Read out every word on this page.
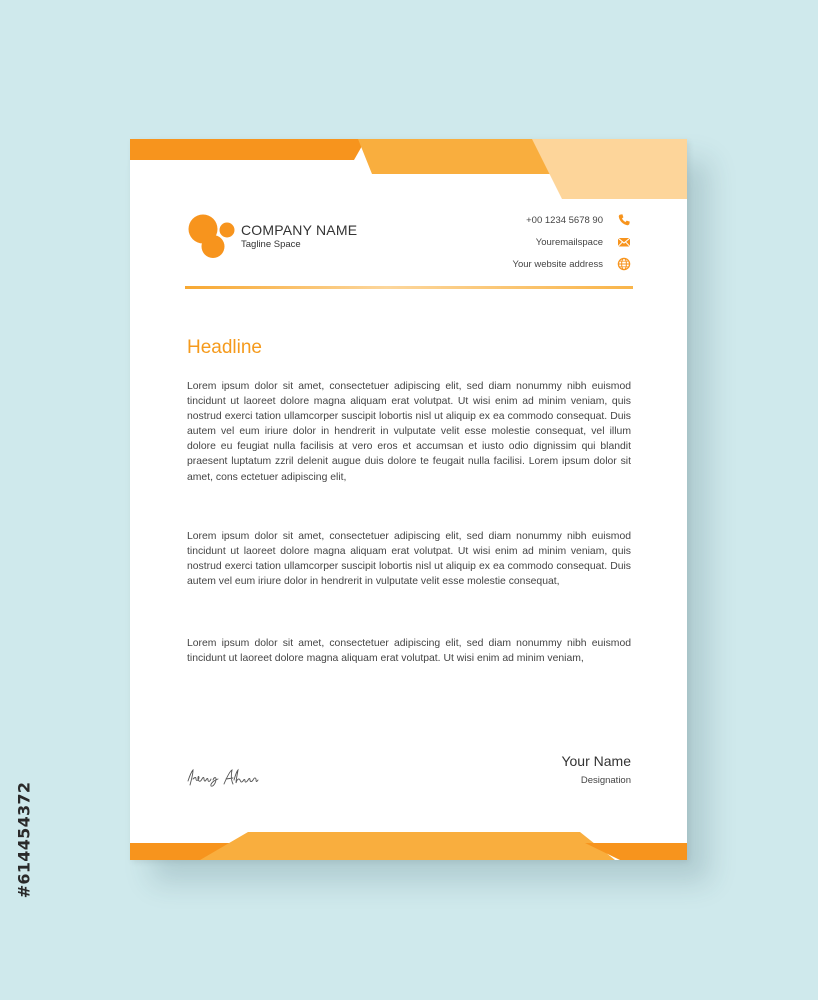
#614454372
COMPANY NAME
Tagline Space
+00 1234 5678 90
Youremailspace
Your website address
Headline

Lorem ipsum dolor sit amet, consectetuer adipiscing elit, sed diam nonummy nibh euismod tincidunt ut laoreet dolore magna aliquam erat volutpat. Ut wisi enim ad minim veniam, quis nostrud exerci tation ullamcorper suscipit lobortis nisl ut aliquip ex ea commodo consequat. Duis autem vel eum iriure dolor in hendrerit in vulputate velit esse molestie consequat, vel illum dolore eu feugiat nulla facilisis at vero eros et accumsan et iusto odio dignissim qui blandit praesent luptatum zzril delenit augue duis dolore te feugait nulla facilisi. Lorem ipsum dolor sit amet, cons ectetuer adipiscing elit,

Lorem ipsum dolor sit amet, consectetuer adipiscing elit, sed diam nonummy nibh euismod tincidunt ut laoreet dolore magna aliquam erat volutpat. Ut wisi enim ad minim veniam, quis nostrud exerci tation ullamcorper suscipit lobortis nisl ut aliquip ex ea commodo consequat. Duis autem vel eum iriure dolor in hendrerit in vulputate velit esse molestie consequat,

Lorem ipsum dolor sit amet, consectetuer adipiscing elit, sed diam nonummy nibh euismod tincidunt ut laoreet dolore magna aliquam erat volutpat. Ut wisi enim ad minim veniam,

Your Name
Designation
